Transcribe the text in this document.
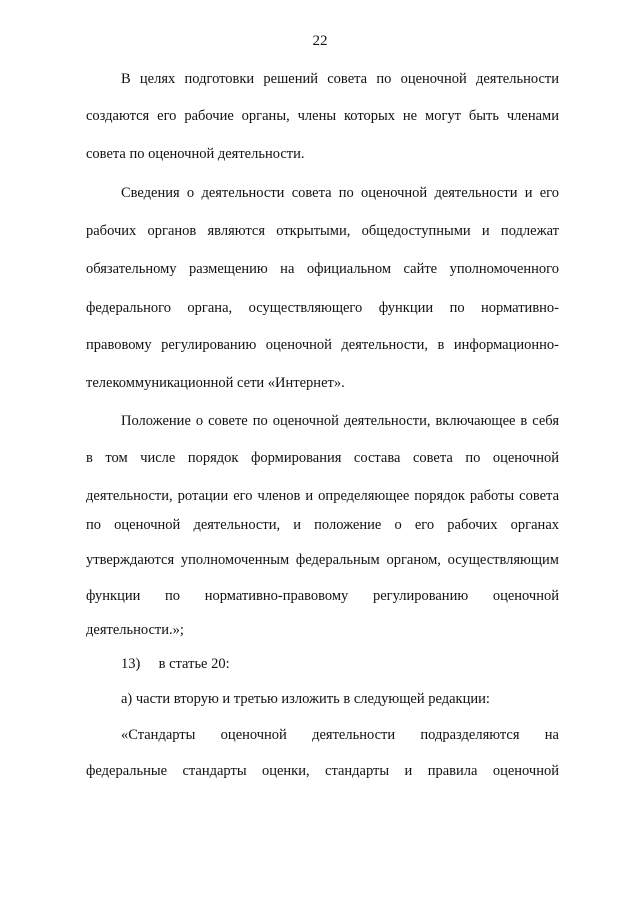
22
В целях подготовки решений совета по оценочной деятельности
создаются его рабочие органы, члены которых не могут быть членами
совета по оценочной деятельности.
Сведения о деятельности совета по оценочной деятельности и его
рабочих органов являются открытыми, общедоступными и подлежат
обязательному размещению на официальном сайте уполномоченного
федерального органа, осуществляющего функции по нормативно-
правовому регулированию оценочной деятельности, в информационно-
телекоммуникационной сети «Интернет».
Положение о совете по оценочной деятельности, включающее в себя
в том числе порядок формирования состава совета по оценочной
деятельности, ротации его членов и определяющее порядок работы совета
по оценочной деятельности, и положение о его рабочих органах
утверждаются уполномоченным федеральным органом, осуществляющим
функции по нормативно-правовому регулированию оценочной
деятельности.»;
13) в статье 20:
а) части вторую и третью изложить в следующей редакции:
«Стандарты оценочной деятельности подразделяются на
федеральные стандарты оценки, стандарты и правила оценочной
